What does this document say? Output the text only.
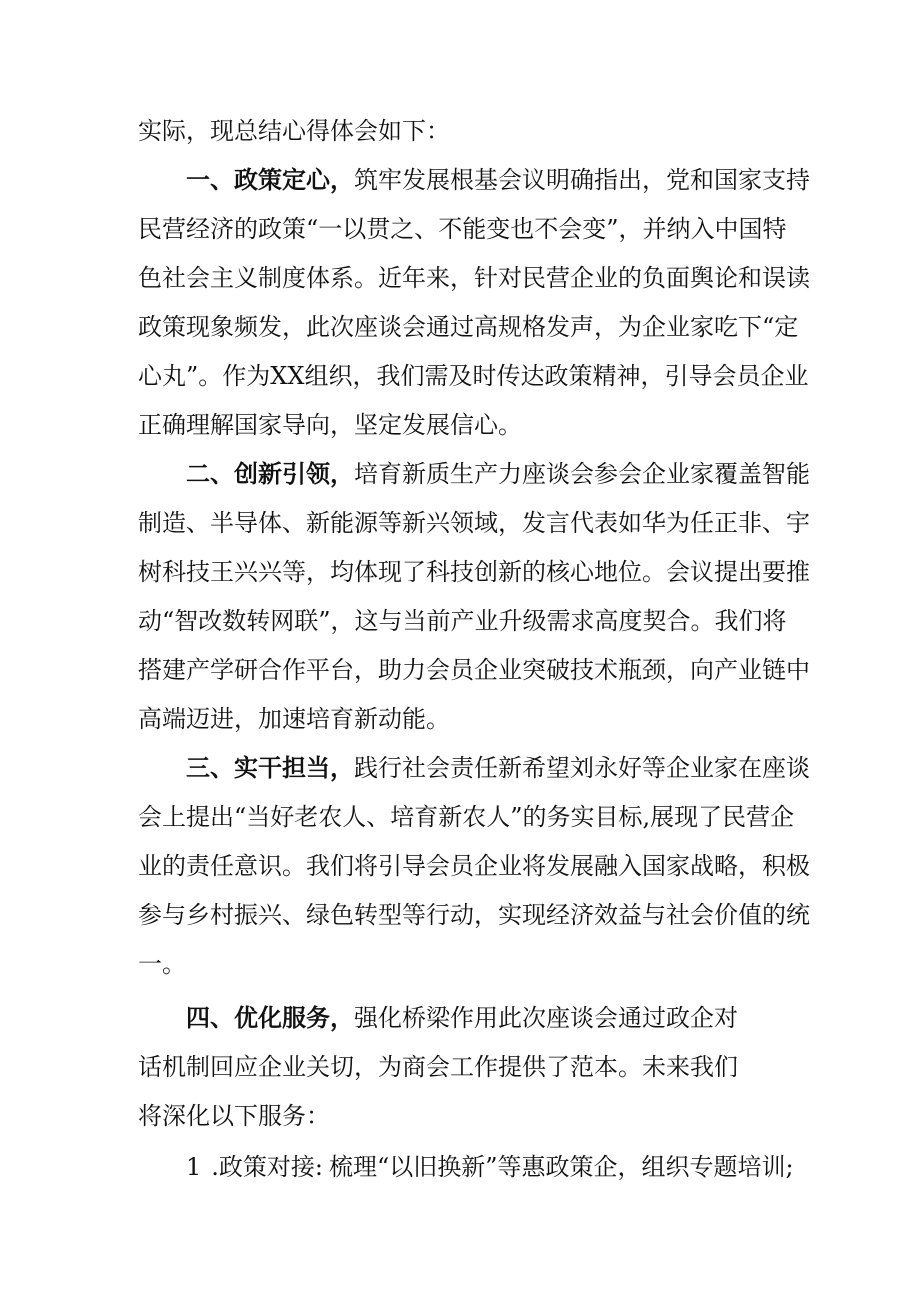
实际，现总结心得体会如下：
一、政策定心，筑牢发展根基会议明确指出，党和国家支持
民营经济的政策“一以贯之、不能变也不会变”，并纳入中国特
色社会主义制度体系。近年来，针对民营企业的负面舆论和误读
政策现象频发，此次座谈会通过高规格发声，为企业家吃下“定
心丸”。作为XX组织，我们需及时传达政策精神，引导会员企业
正确理解国家导向，坚定发展信心。
二、创新引领，培育新质生产力座谈会参会企业家覆盖智能
制造、半导体、新能源等新兴领域，发言代表如华为任正非、宇
树科技王兴兴等，均体现了科技创新的核心地位。会议提出要推
动“智改数转网联”，这与当前产业升级需求高度契合。我们将
搭建产学研合作平台，助力会员企业突破技术瓶颈，向产业链中
高端迈进，加速培育新动能。
三、实干担当，践行社会责任新希望刘永好等企业家在座谈
会上提出“当好老农人、培育新农人”的务实目标,展现了民营企
业的责任意识。我们将引导会员企业将发展融入国家战略，积极
参与乡村振兴、绿色转型等行动，实现经济效益与社会价值的统
一。
四、优化服务，强化桥梁作用此次座谈会通过政企对
话机制回应企业关切，为商会工作提供了范本。未来我们
将深化以下服务：
1 .政策对接: 梳理“以旧换新”等惠政策企，组织专题培训;
